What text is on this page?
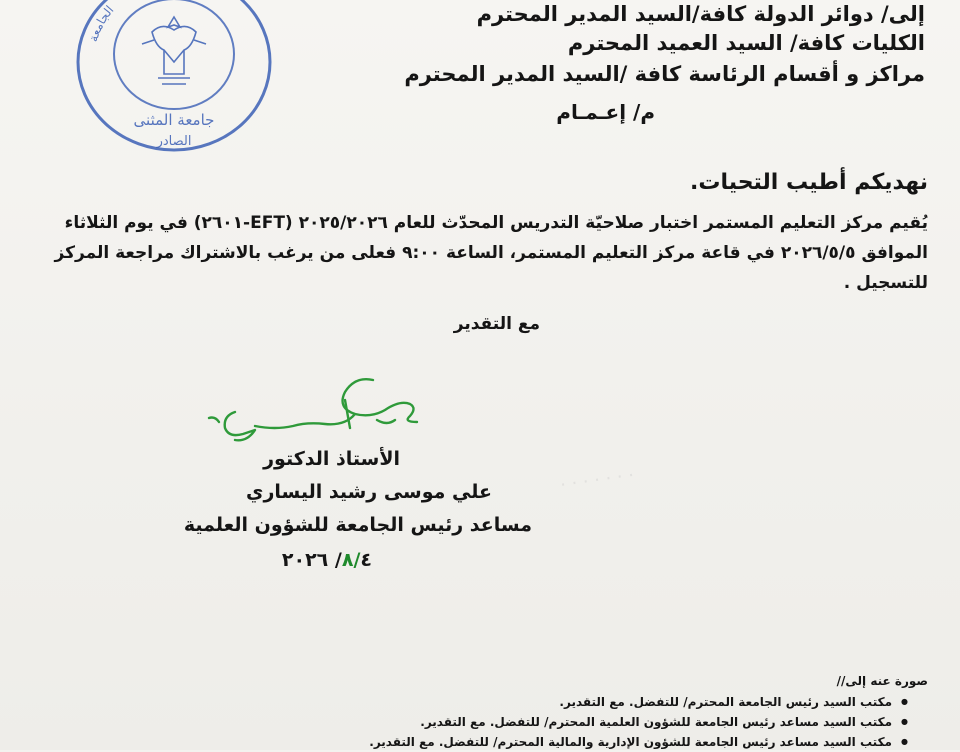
· · · · · · ·
الجامعة
جامعة المثنى
الصادر
إلى/ دوائر الدولة كافة/السيد المدير المحترم
الكليات كافة/ السيد العميد المحترم
مراكز و أقسام الرئاسة كافة /السيد المدير المحترم
م/ إعـمـام
نهديكم أطيب التحيات.
يُقيم مركز التعليم المستمر اختبار صلاحيّة التدريس المحدّث للعام ٢٠٢٥/٢٠٢٦ (EFT-٢٦٠١) في يوم الثلاثاء الموافق ٢٠٢٦/٥/٥ في قاعة مركز التعليم المستمر، الساعة ٩:٠٠ فعلى من يرغب بالاشتراك مراجعة المركز للتسجيل .
مع التقدير
الأستاذ الدكتور
علي موسى رشيد اليساري
مساعد رئيس الجامعة للشؤون العلمية
٨/٤/ ٢٠٢٦
صورة عنه إلى//
● مكتب السيد رئيس الجامعة المحترم/ للتفضل. مع التقدير.
● مكتب السيد مساعد رئيس الجامعة للشؤون العلمية المحترم/ للتفضل. مع التقدير.
● مكتب السيد مساعد رئيس الجامعة للشؤون الإدارية والمالية المحترم/ للتفضل. مع التقدير.
